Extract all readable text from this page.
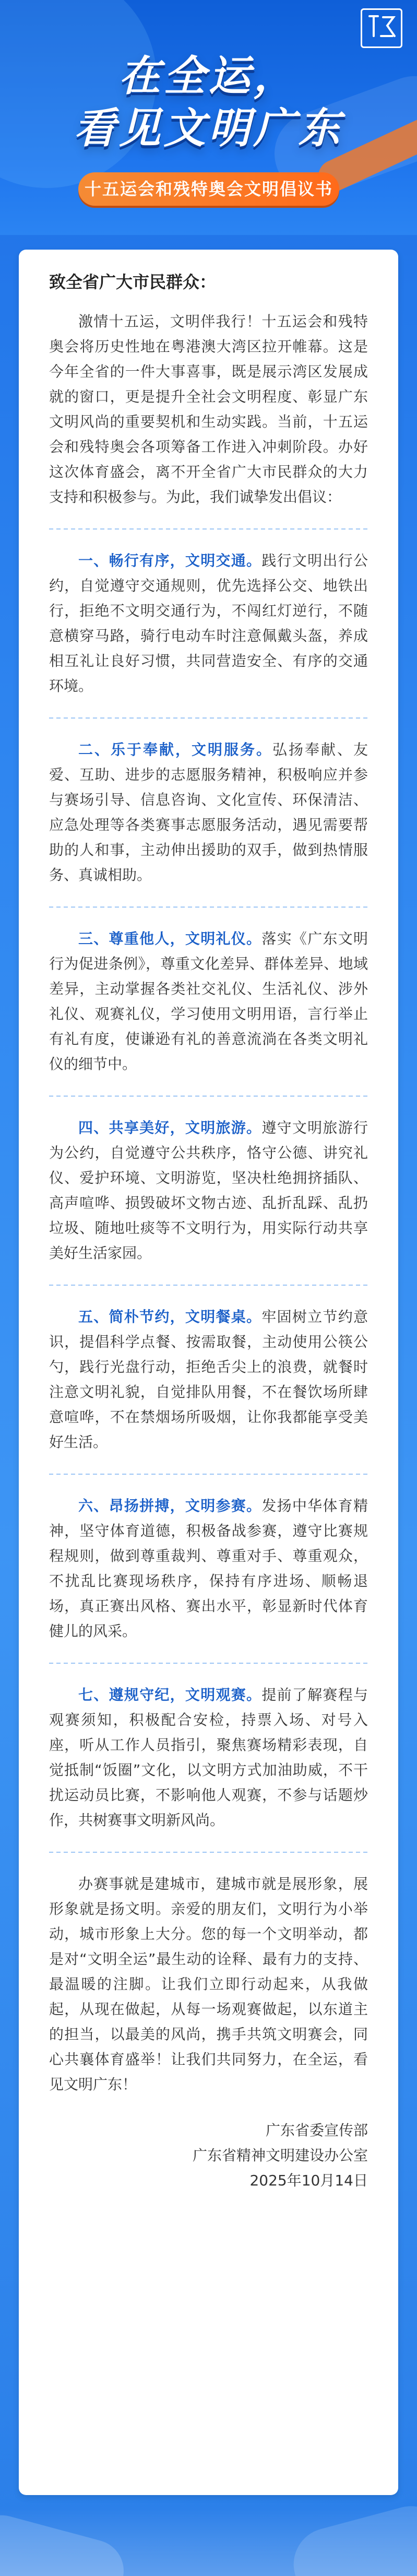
在全运，
看见文明广东
十五运会和残特奥会文明倡议书

致全省广大市民群众：

激情十五运，文明伴我行！十五运会和残特奥会将历史性地在粤港澳大湾区拉开帷幕。这是今年全省的一件大事喜事，既是展示湾区发展成就的窗口，更是提升全社会文明程度、彰显广东文明风尚的重要契机和生动实践。当前，十五运会和残特奥会各项筹备工作进入冲刺阶段。办好这次体育盛会，离不开全省广大市民群众的大力支持和积极参与。为此，我们诚挚发出倡议：

一、畅行有序，文明交通。践行文明出行公约，自觉遵守交通规则，优先选择公交、地铁出行，拒绝不文明交通行为，不闯红灯逆行，不随意横穿马路，骑行电动车时注意佩戴头盔，养成相互礼让良好习惯，共同营造安全、有序的交通环境。

二、乐于奉献，文明服务。弘扬奉献、友爱、互助、进步的志愿服务精神，积极响应并参与赛场引导、信息咨询、文化宣传、环保清洁、应急处理等各类赛事志愿服务活动，遇见需要帮助的人和事，主动伸出援助的双手，做到热情服务、真诚相助。

三、尊重他人，文明礼仪。落实《广东文明行为促进条例》，尊重文化差异、群体差异、地域差异，主动掌握各类社交礼仪、生活礼仪、涉外礼仪、观赛礼仪，学习使用文明用语，言行举止有礼有度，使谦逊有礼的善意流淌在各类文明礼仪的细节中。

四、共享美好，文明旅游。遵守文明旅游行为公约，自觉遵守公共秩序，恪守公德、讲究礼仪、爱护环境、文明游览，坚决杜绝拥挤插队、高声喧哗、损毁破坏文物古迹、乱折乱踩、乱扔垃圾、随地吐痰等不文明行为，用实际行动共享美好生活家园。

五、简朴节约，文明餐桌。牢固树立节约意识，提倡科学点餐、按需取餐，主动使用公筷公勺，践行光盘行动，拒绝舌尖上的浪费，就餐时注意文明礼貌，自觉排队用餐，不在餐饮场所肆意喧哗，不在禁烟场所吸烟，让你我都能享受美好生活。

六、昂扬拼搏，文明参赛。发扬中华体育精神，坚守体育道德，积极备战参赛，遵守比赛规程规则，做到尊重裁判、尊重对手、尊重观众，不扰乱比赛现场秩序，保持有序进场、顺畅退场，真正赛出风格、赛出水平，彰显新时代体育健儿的风采。

七、遵规守纪，文明观赛。提前了解赛程与观赛须知，积极配合安检，持票入场、对号入座，听从工作人员指引，聚焦赛场精彩表现，自觉抵制“饭圈”文化，以文明方式加油助威，不干扰运动员比赛，不影响他人观赛，不参与话题炒作，共树赛事文明新风尚。

办赛事就是建城市，建城市就是展形象，展形象就是扬文明。亲爱的朋友们，文明行为小举动，城市形象上大分。您的每一个文明举动，都是对“文明全运”最生动的诠释、最有力的支持、最温暖的注脚。让我们立即行动起来，从我做起，从现在做起，从每一场观赛做起，以东道主的担当，以最美的风尚，携手共筑文明赛会，同心共襄体育盛举！让我们共同努力，在全运，看见文明广东！

广东省委宣传部
广东省精神文明建设办公室
2025年10月14日
